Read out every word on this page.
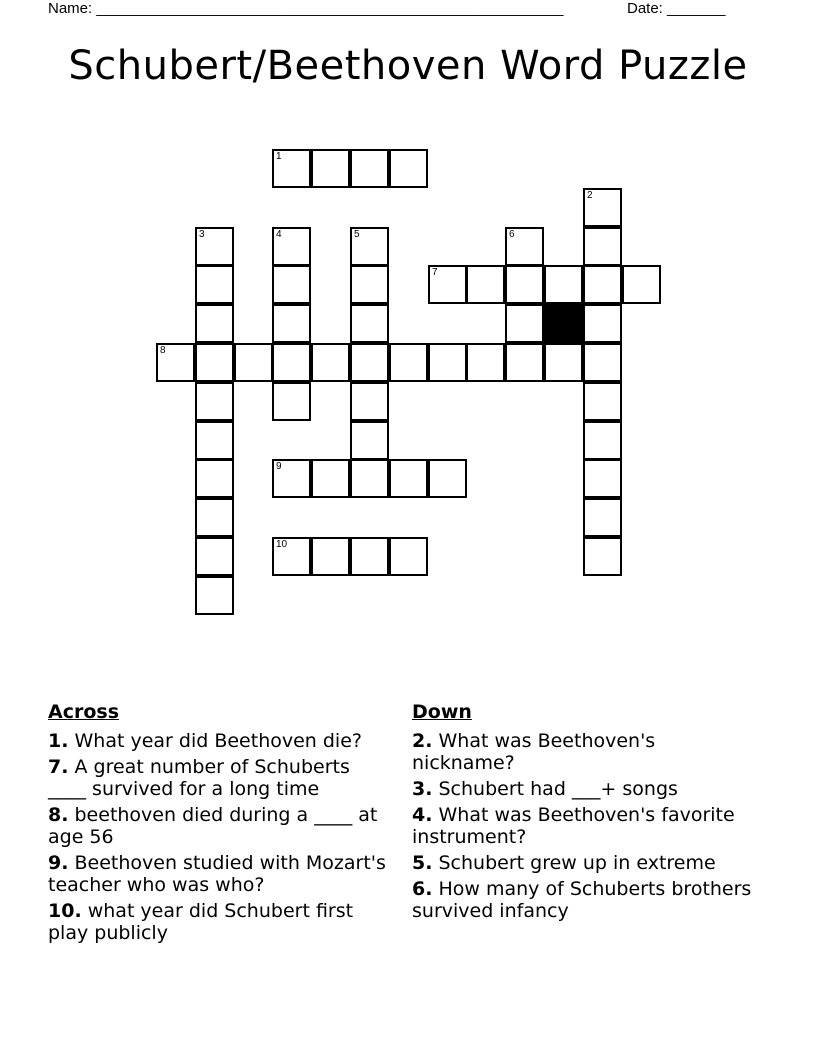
Name: ________________________________________________________	Date: _______
Schubert/Beethoven Word Puzzle
1
2
3	4	5	6
7
8
9
10
Across
1. What year did Beethoven die?
7. A great number of Schuberts ____ survived for a long time
8. beethoven died during a ____ at age 56
9. Beethoven studied with Mozart's teacher who was who?
10. what year did Schubert first play publicly
Down
2. What was Beethoven's nickname?
3. Schubert had ___+ songs
4. What was Beethoven's favorite instrument?
5. Schubert grew up in extreme
6. How many of Schuberts brothers survived infancy
